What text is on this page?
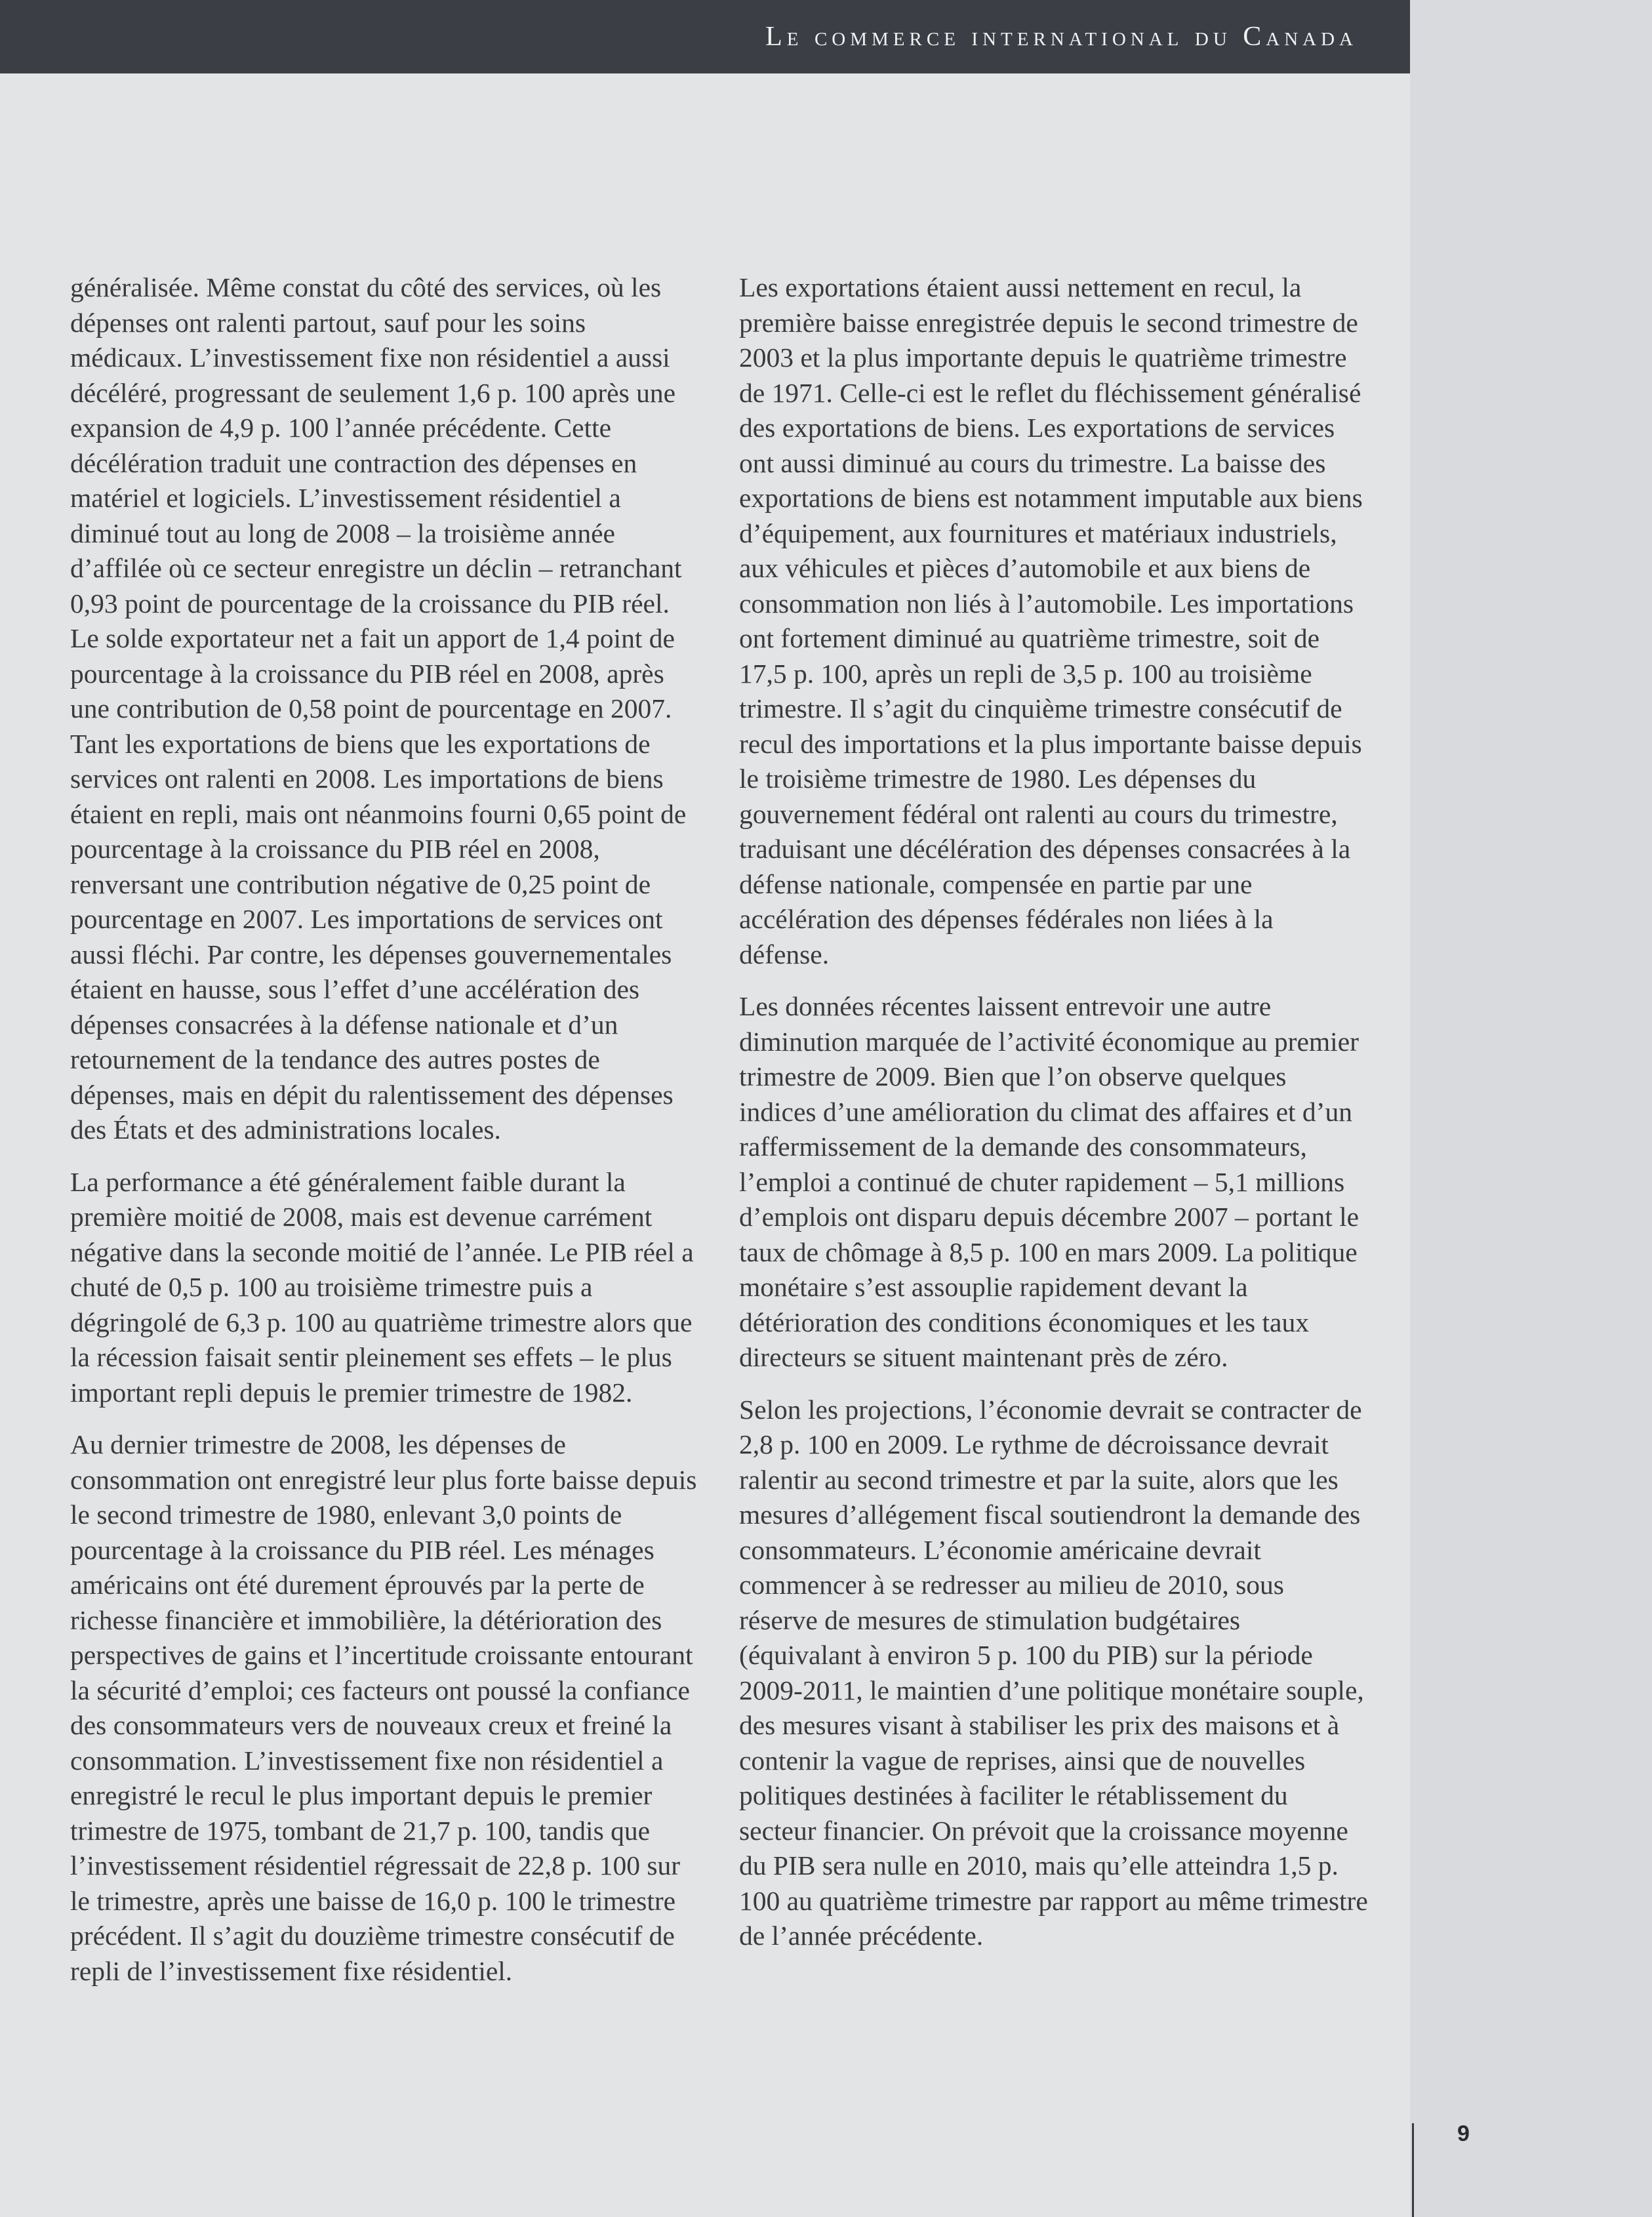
Le commerce international du Canada

généralisée. Même constat du côté des services, où les dépenses ont ralenti partout, sauf pour les soins médicaux. L’investissement fixe non résidentiel a aussi décéléré, progressant de seulement 1,6 p. 100 après une expansion de 4,9 p. 100 l’année précédente. Cette décélération traduit une contraction des dépenses en matériel et logiciels. L’investissement résidentiel a diminué tout au long de 2008 – la troisième année d’affilée où ce secteur enregistre un déclin – retranchant 0,93 point de pourcentage de la croissance du PIB réel. Le solde exportateur net a fait un apport de 1,4 point de pourcentage à la croissance du PIB réel en 2008, après une contribution de 0,58 point de pourcentage en 2007. Tant les exportations de biens que les exportations de services ont ralenti en 2008. Les importations de biens étaient en repli, mais ont néanmoins fourni 0,65 point de pourcentage à la croissance du PIB réel en 2008, renversant une contribution négative de 0,25 point de pourcentage en 2007. Les importations de services ont aussi fléchi. Par contre, les dépenses gouvernementales étaient en hausse, sous l’effet d’une accélération des dépenses consacrées à la défense nationale et d’un retournement de la tendance des autres postes de dépenses, mais en dépit du ralentissement des dépenses des États et des administrations locales.

La performance a été généralement faible durant la première moitié de 2008, mais est devenue carrément négative dans la seconde moitié de l’année. Le PIB réel a chuté de 0,5 p. 100 au troisième trimestre puis a dégringolé de 6,3 p. 100 au quatrième trimestre alors que la récession faisait sentir pleinement ses effets – le plus important repli depuis le premier trimestre de 1982.

Au dernier trimestre de 2008, les dépenses de consommation ont enregistré leur plus forte baisse depuis le second trimestre de 1980, enlevant 3,0 points de pourcentage à la croissance du PIB réel. Les ménages américains ont été durement éprouvés par la perte de richesse financière et immobilière, la détérioration des perspectives de gains et l’incertitude croissante entourant la sécurité d’emploi; ces facteurs ont poussé la confiance des consommateurs vers de nouveaux creux et freiné la consommation. L’investissement fixe non résidentiel a enregistré le recul le plus important depuis le premier trimestre de 1975, tombant de 21,7 p. 100, tandis que l’investissement résidentiel régressait de 22,8 p. 100 sur le trimestre, après une baisse de 16,0 p. 100 le trimestre précédent. Il s’agit du douzième trimestre consécutif de repli de l’investissement fixe résidentiel.

Les exportations étaient aussi nettement en recul, la première baisse enregistrée depuis le second trimestre de 2003 et la plus importante depuis le quatrième trimestre de 1971. Celle-ci est le reflet du fléchissement généralisé des exportations de biens. Les exportations de services ont aussi diminué au cours du trimestre. La baisse des exportations de biens est notamment imputable aux biens d’équipement, aux fournitures et matériaux industriels, aux véhicules et pièces d’automobile et aux biens de consommation non liés à l’automobile. Les importations ont fortement diminué au quatrième trimestre, soit de 17,5 p. 100, après un repli de 3,5 p. 100 au troisième trimestre. Il s’agit du cinquième trimestre consécutif de recul des importations et la plus importante baisse depuis le troisième trimestre de 1980. Les dépenses du gouvernement fédéral ont ralenti au cours du trimestre, traduisant une décélération des dépenses consacrées à la défense nationale, compensée en partie par une accélération des dépenses fédérales non liées à la défense.

Les données récentes laissent entrevoir une autre diminution marquée de l’activité économique au premier trimestre de 2009. Bien que l’on observe quelques indices d’une amélioration du climat des affaires et d’un raffermissement de la demande des consommateurs, l’emploi a continué de chuter rapidement – 5,1 millions d’emplois ont disparu depuis décembre 2007 – portant le taux de chômage à 8,5 p. 100 en mars 2009. La politique monétaire s’est assouplie rapidement devant la détérioration des conditions économiques et les taux directeurs se situent maintenant près de zéro.

Selon les projections, l’économie devrait se contracter de 2,8 p. 100 en 2009. Le rythme de décroissance devrait ralentir au second trimestre et par la suite, alors que les mesures d’allégement fiscal soutiendront la demande des consommateurs. L’économie américaine devrait commencer à se redresser au milieu de 2010, sous réserve de mesures de stimulation budgétaires (équivalant à environ 5 p. 100 du PIB) sur la période 2009-2011, le maintien d’une politique monétaire souple, des mesures visant à stabiliser les prix des maisons et à contenir la vague de reprises, ainsi que de nouvelles politiques destinées à faciliter le rétablissement du secteur financier. On prévoit que la croissance moyenne du PIB sera nulle en 2010, mais qu’elle atteindra 1,5 p. 100 au quatrième trimestre par rapport au même trimestre de l’année précédente.

9
